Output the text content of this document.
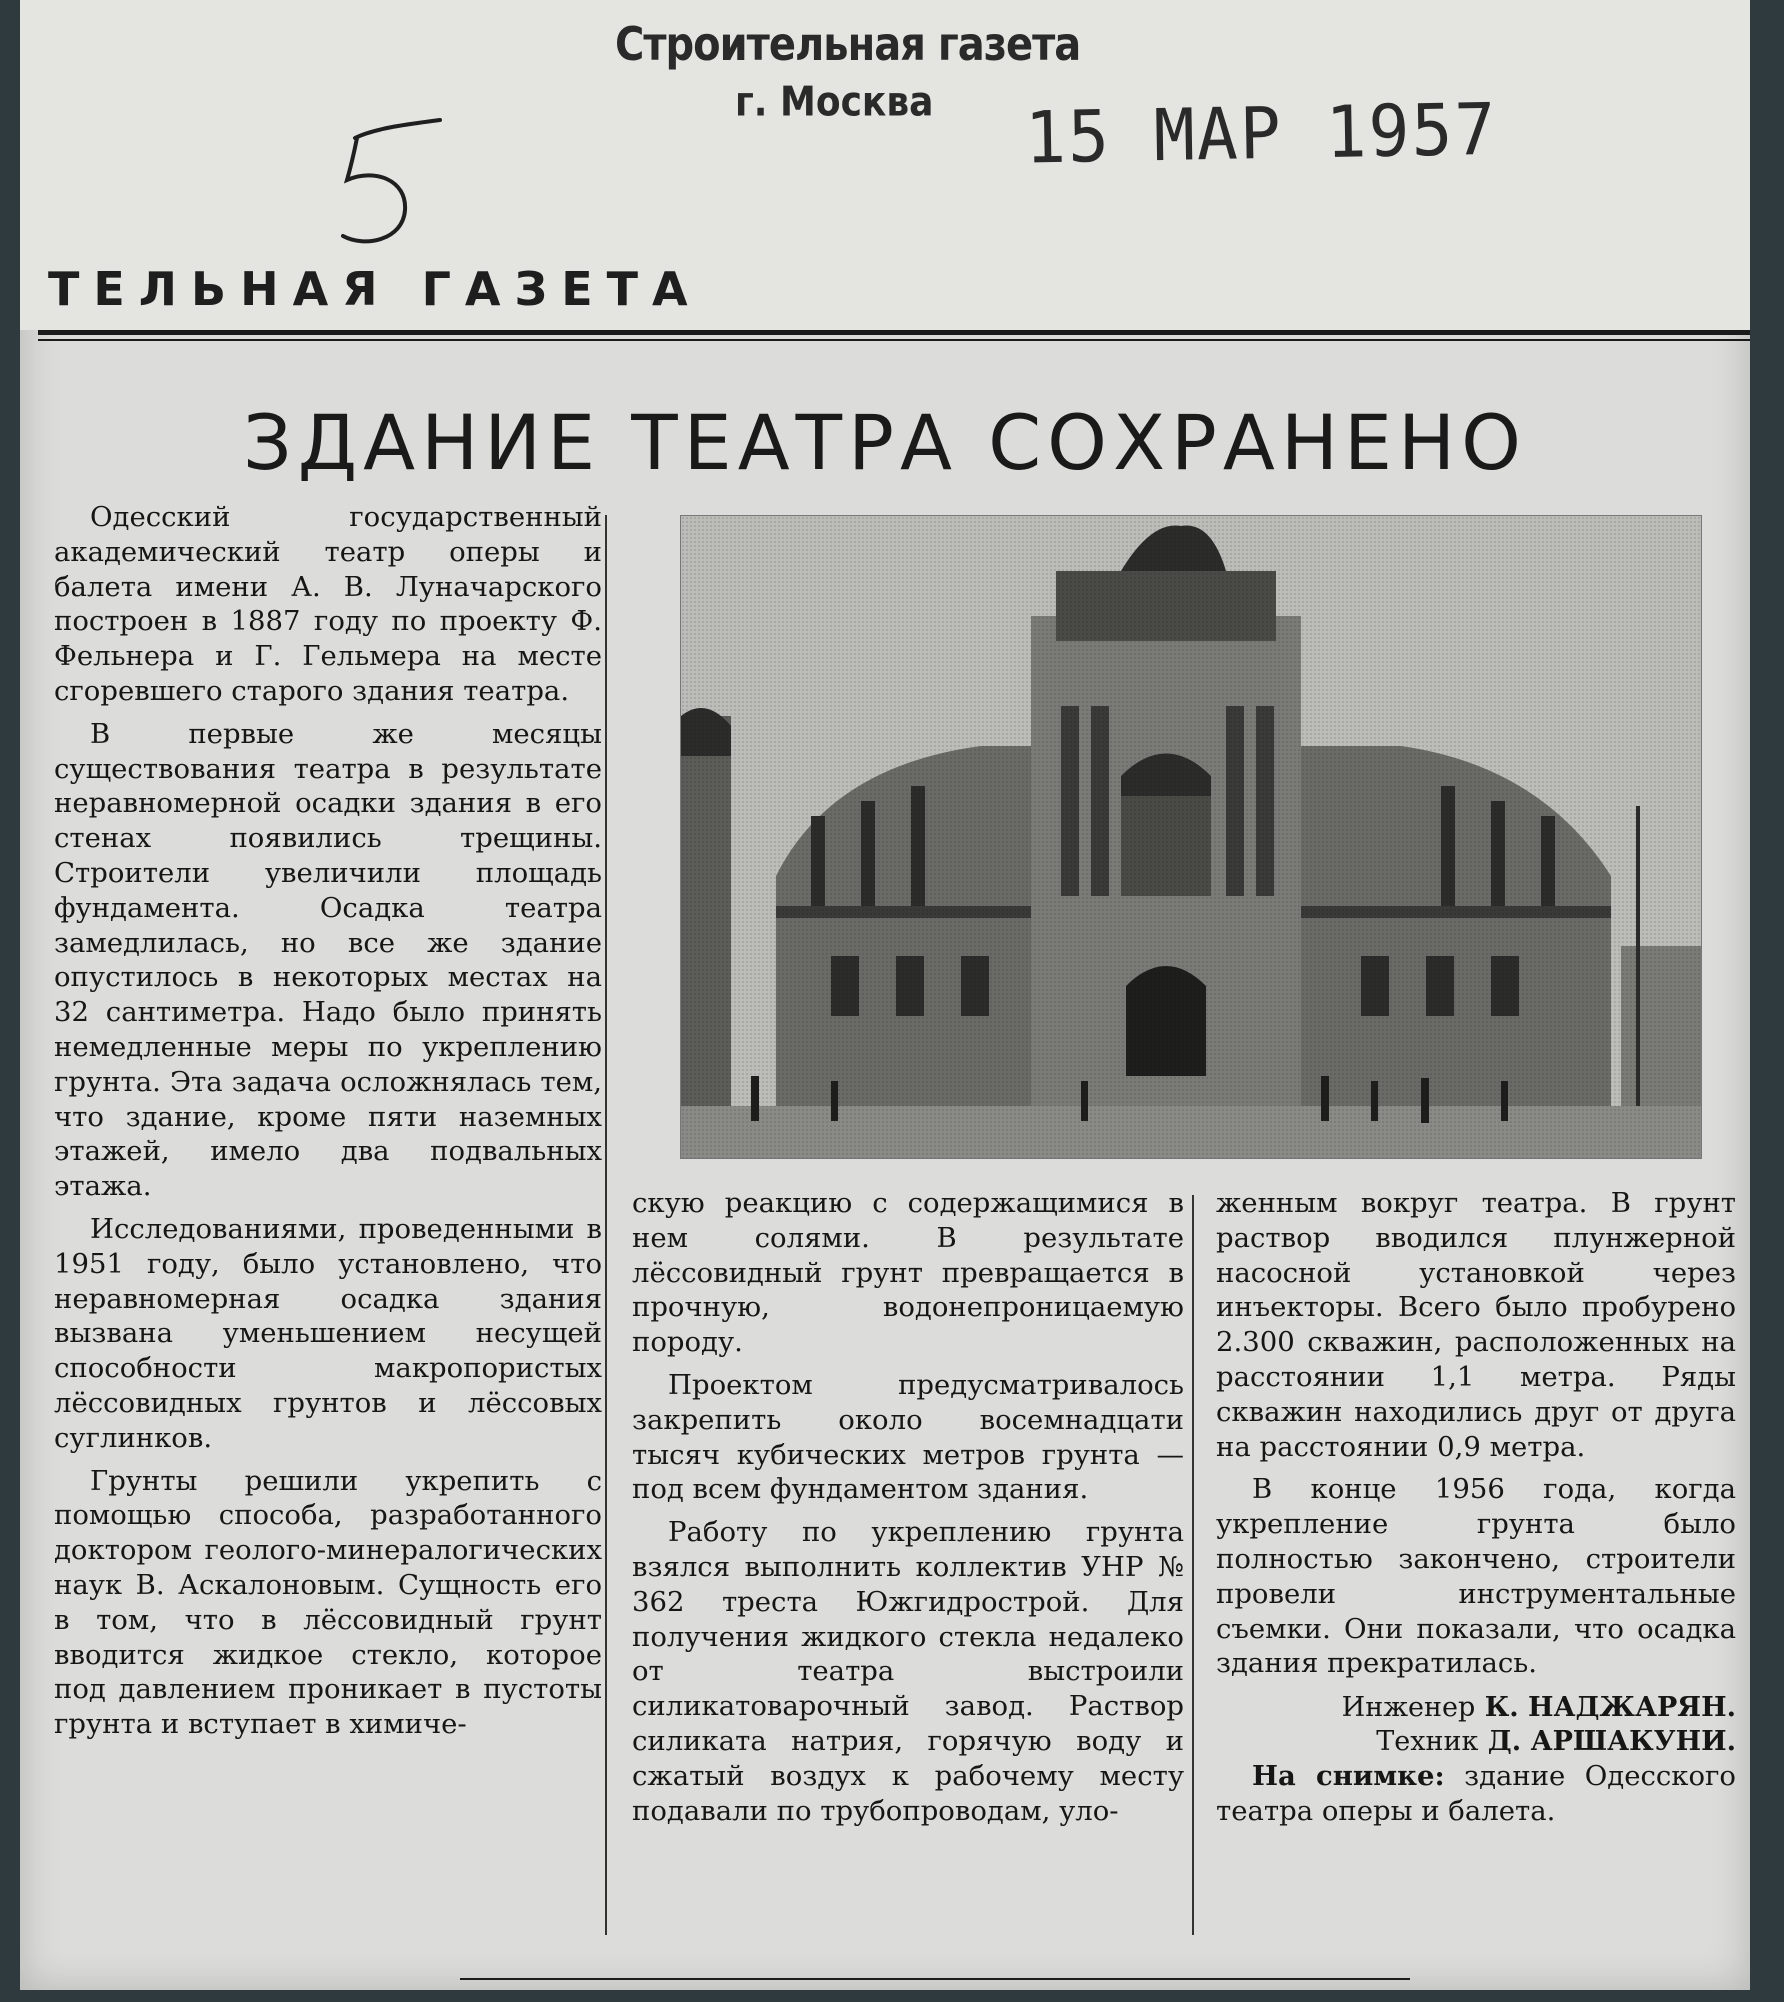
Строительная газета
г. Москва 15 МАР 1957
ТЕЛЬНАЯ ГАЗЕТА
ЗДАНИЕ ТЕАТРА СОХРАНЕНО

Одесский государственный академический театр оперы и балета имени А. В. Луначарского построен в 1887 году по проекту Ф. Фельнера и Г. Гельмера на месте сгоревшего старого здания театра.

В первые же месяцы существования театра в результате неравномерной осадки здания в его стенах появились трещины. Строители увеличили площадь фундамента. Осадка театра замедлилась, но все же здание опустилось в некоторых местах на 32 сантиметра. Надо было принять немедленные меры по укреплению грунта. Эта задача осложнялась тем, что здание, кроме пяти наземных этажей, имело два подвальных этажа.

Исследованиями, проведенными в 1951 году, было установлено, что неравномерная осадка здания вызвана уменьшением несущей способности макропористых лёссовидных грунтов и лёссовых суглинков.

Грунты решили укрепить с помощью способа, разработанного доктором геолого-минералогических наук В. Аскалоновым. Сущность его в том, что в лёссовидный грунт вводится жидкое стекло, которое под давлением проникает в пустоты грунта и вступает в химиче-

скую реакцию с содержащимися в нем солями. В результате лёссовидный грунт превращается в прочную, водонепроницаемую породу.

Проектом предусматривалось закрепить около восемнадцати тысяч кубических метров грунта — под всем фундаментом здания.

Работу по укреплению грунта взялся выполнить коллектив УНР № 362 треста Южгидрострой. Для получения жидкого стекла недалеко от театра выстроили силикатоварочный завод. Раствор силиката натрия, горячую воду и сжатый воздух к рабочему месту подавали по трубопроводам, уло-

женным вокруг театра. В грунт раствор вводился плунжерной насосной установкой через инъекторы. Всего было пробурено 2.300 скважин, расположенных на расстоянии 1,1 метра. Ряды скважин находились друг от друга на расстоянии 0,9 метра.

В конце 1956 года, когда укрепление грунта было полностью закончено, строители провели инструментальные съемки. Они показали, что осадка здания прекратилась.

Инженер К. НАДЖАРЯН.
Техник Д. АРШАКУНИ.

На снимке: здание Одесского театра оперы и балета.
